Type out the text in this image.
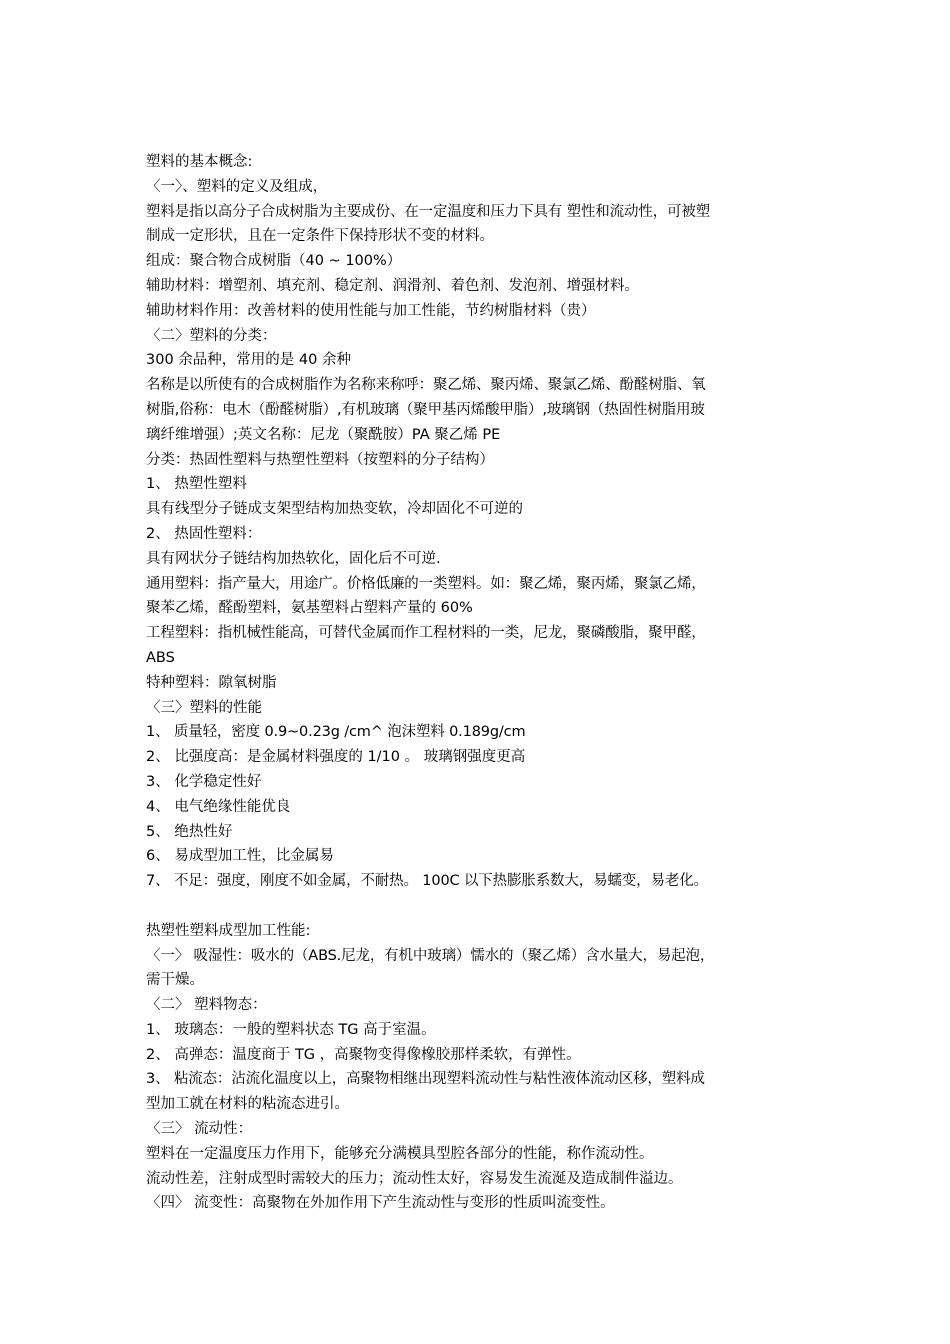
塑料的基本概念:
〈一〉、塑料的定义及组成，
塑料是指以高分子合成树脂为主要成份、在一定温度和压力下具有 塑性和流动性，可被塑
制成一定形状，且在一定条件下保持形状不变的材料。
组成：聚合物合成树脂（40 ~ 100%）
辅助材料：增塑剂、填充剂、稳定剂、润滑剂、着色剂、发泡剂、增强材料。
辅助材料作用：改善材料的使用性能与加工性能，节约树脂材料（贵）
〈二〉塑料的分类：
300 余品种，常用的是 40 余种
名称是以所使有的合成树脂作为名称来称呼：聚乙烯、聚丙烯、聚氯乙烯、酚醛树脂、氧
树脂,俗称：电木（酚醛树脂）,有机玻璃（聚甲基丙烯酸甲脂）,玻璃钢（热固性树脂用玻
璃纤维增强）;英文名称：尼龙（聚酰胺）PA 聚乙烯 PE
分类：热固性塑料与热塑性塑料（按塑料的分子结构）
1、 热塑性塑料
具有线型分子链成支架型结构加热变软，冷却固化不可逆的
2、 热固性塑料：
具有网状分子链结构加热软化，固化后不可逆.
通用塑料：指产量大，用途广。价格低廉的一类塑料。如：聚乙烯，聚丙烯，聚氯乙烯，
聚苯乙烯，醛酚塑料，氨基塑料占塑料产量的 60%
工程塑料：指机械性能高，可替代金属而作工程材料的一类，尼龙，聚磷酸脂，聚甲醛，
ABS
特种塑料：隙氧树脂
〈三〉塑料的性能
1、 质量轻，密度 0.9~0.23g /cm^ 泡沫塑料 0.189g/cm
2、 比强度高：是金属材料强度的 1/10 。 玻璃钢强度更高
3、 化学稳定性好
4、 电气绝缘性能优良
5、 绝热性好
6、 易成型加工性，比金属易
7、 不足：强度，刚度不如金属，不耐热。 100C 以下热膨胀系数大，易蠕变，易老化。
热塑性塑料成型加工性能:
〈一〉 吸湿性：吸水的（ABS.尼龙，有机中玻璃）懦水的（聚乙烯）含水量大，易起泡，
需干燥。
〈二〉 塑料物态：
1、 玻璃态：一般的塑料状态 TG 高于室温。
2、 高弹态：温度商于 TG ，高聚物变得像橡胶那样柔软，有弹性。
3、 粘流态：沾流化温度以上，高聚物相继出现塑料流动性与粘性液体流动区移，塑料成
型加工就在材料的粘流态进引。
〈三〉 流动性：
塑料在一定温度压力作用下，能够充分满模具型腔各部分的性能，称作流动性。
流动性差，注射成型时需较大的压力；流动性太好，容易发生流涎及造成制件溢边。
〈四〉 流变性：高聚物在外加作用下产生流动性与变形的性质叫流变性。
